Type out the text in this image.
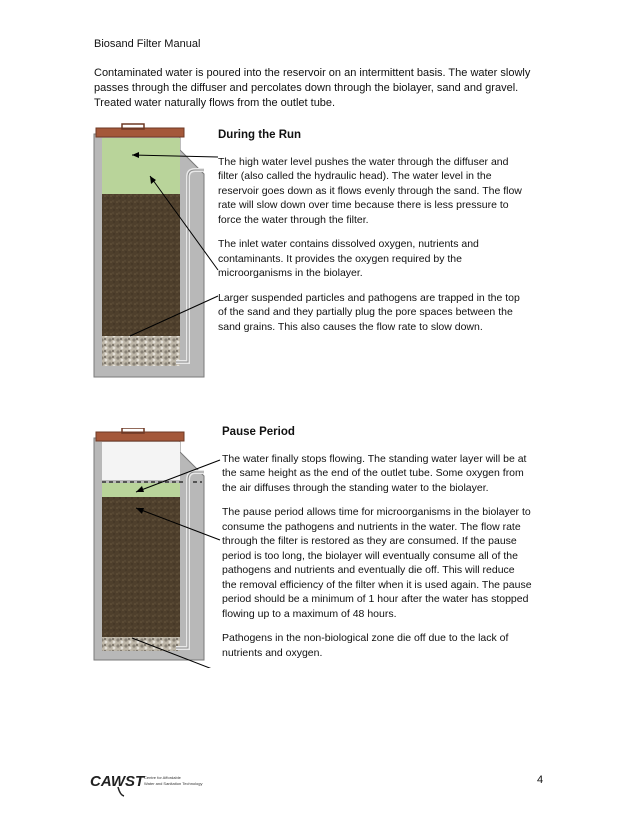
Biosand Filter Manual
Contaminated water is poured into the reservoir on an intermittent basis. The water slowly passes through the diffuser and percolates down through the biolayer, sand and gravel. Treated water naturally flows from the outlet tube.
During the Run

The high water level pushes the water through the diffuser and filter (also called the hydraulic head). The water level in the reservoir goes down as it flows evenly through the sand. The flow rate will slow down over time because there is less pressure to force the water through the filter.

The inlet water contains dissolved oxygen, nutrients and contaminants. It provides the oxygen required by the microorganisms in the biolayer.

Larger suspended particles and pathogens are trapped in the top of the sand and they partially plug the pore spaces between the sand grains. This also causes the flow rate to slow down.

Pause Period

The water finally stops flowing. The standing water layer will be at the same height as the end of the outlet tube. Some oxygen from the air diffuses through the standing water to the biolayer.

The pause period allows time for microorganisms in the biolayer to consume the pathogens and nutrients in the water. The flow rate through the filter is restored as they are consumed. If the pause period is too long, the biolayer will eventually consume all of the pathogens and nutrients and eventually die off. This will reduce the removal efficiency of the filter when it is used again. The pause period should be a minimum of 1 hour after the water has stopped flowing up to a maximum of 48 hours.

Pathogens in the non-biological zone die off due to the lack of nutrients and oxygen.

CAWST Centre for Affordable
Water and Sanitation Technology	4
